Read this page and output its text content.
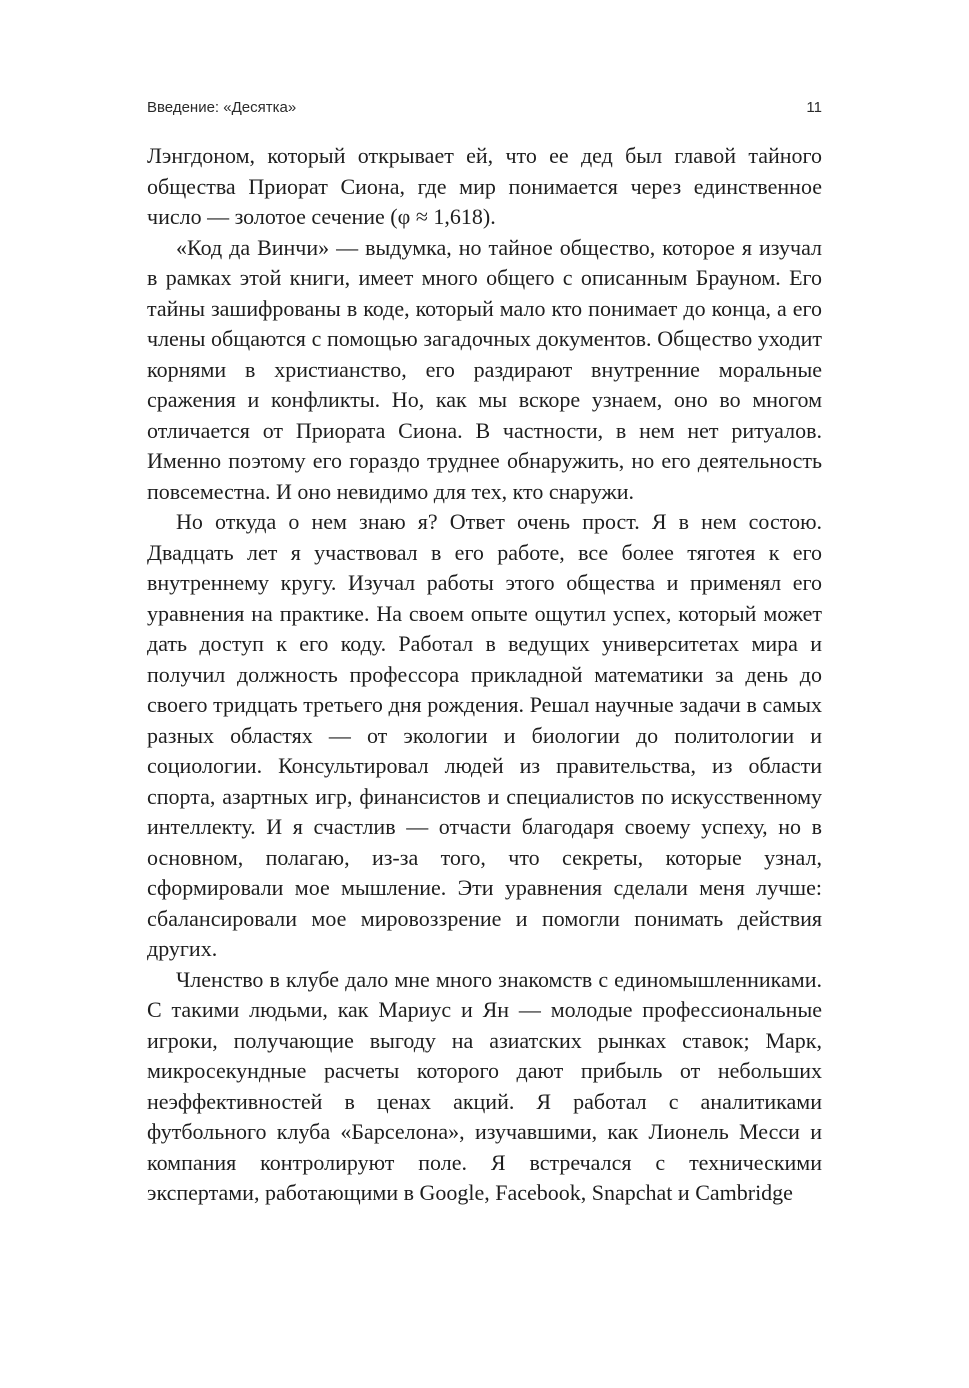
Введение: «Десятка»	11

Лэнгдоном, который открывает ей, что ее дед был главой тайного общества Приорат Сиона, где мир понимается через единственное число — золотое сечение (φ ≈ 1,618).

«Код да Винчи» — выдумка, но тайное общество, которое я изучал в рамках этой книги, имеет много общего с описанным Брауном. Его тайны зашифрованы в коде, который мало кто понимает до конца, а его члены общаются с помощью загадочных документов. Общество уходит корнями в христианство, его раздирают внутренние моральные сражения и конфликты. Но, как мы вскоре узнаем, оно во многом отличается от Приората Сиона. В частности, в нем нет ритуалов. Именно поэтому его гораздо труднее обнаружить, но его деятельность повсеместна. И оно невидимо для тех, кто снаружи.

Но откуда о нем знаю я? Ответ очень прост. Я в нем состою. Двадцать лет я участвовал в его работе, все более тяготея к его внутреннему кругу. Изучал работы этого общества и применял его уравнения на практике. На своем опыте ощутил успех, который может дать доступ к его коду. Работал в ведущих университетах мира и получил должность профессора прикладной математики за день до своего тридцать третьего дня рождения. Решал научные задачи в самых разных областях — от экологии и биологии до политологии и социологии. Консультировал людей из правительства, из области спорта, азартных игр, финансистов и специалистов по искусственному интеллекту. И я счастлив — отчасти благодаря своему успеху, но в основном, полагаю, из-за того, что секреты, которые узнал, сформировали мое мышление. Эти уравнения сделали меня лучше: сбалансировали мое мировоззрение и помогли понимать действия других.

Членство в клубе дало мне много знакомств с единомышленниками. С такими людьми, как Мариус и Ян — молодые профессиональные игроки, получающие выгоду на азиатских рынках ставок; Марк, микросекундные расчеты которого дают прибыль от небольших неэффективностей в ценах акций. Я работал с аналитиками футбольного клуба «Барселона», изучавшими, как Лионель Месси и компания контролируют поле. Я встречался с техническими экспертами, работающими в Google, Facebook, Snapchat и Cambridge
